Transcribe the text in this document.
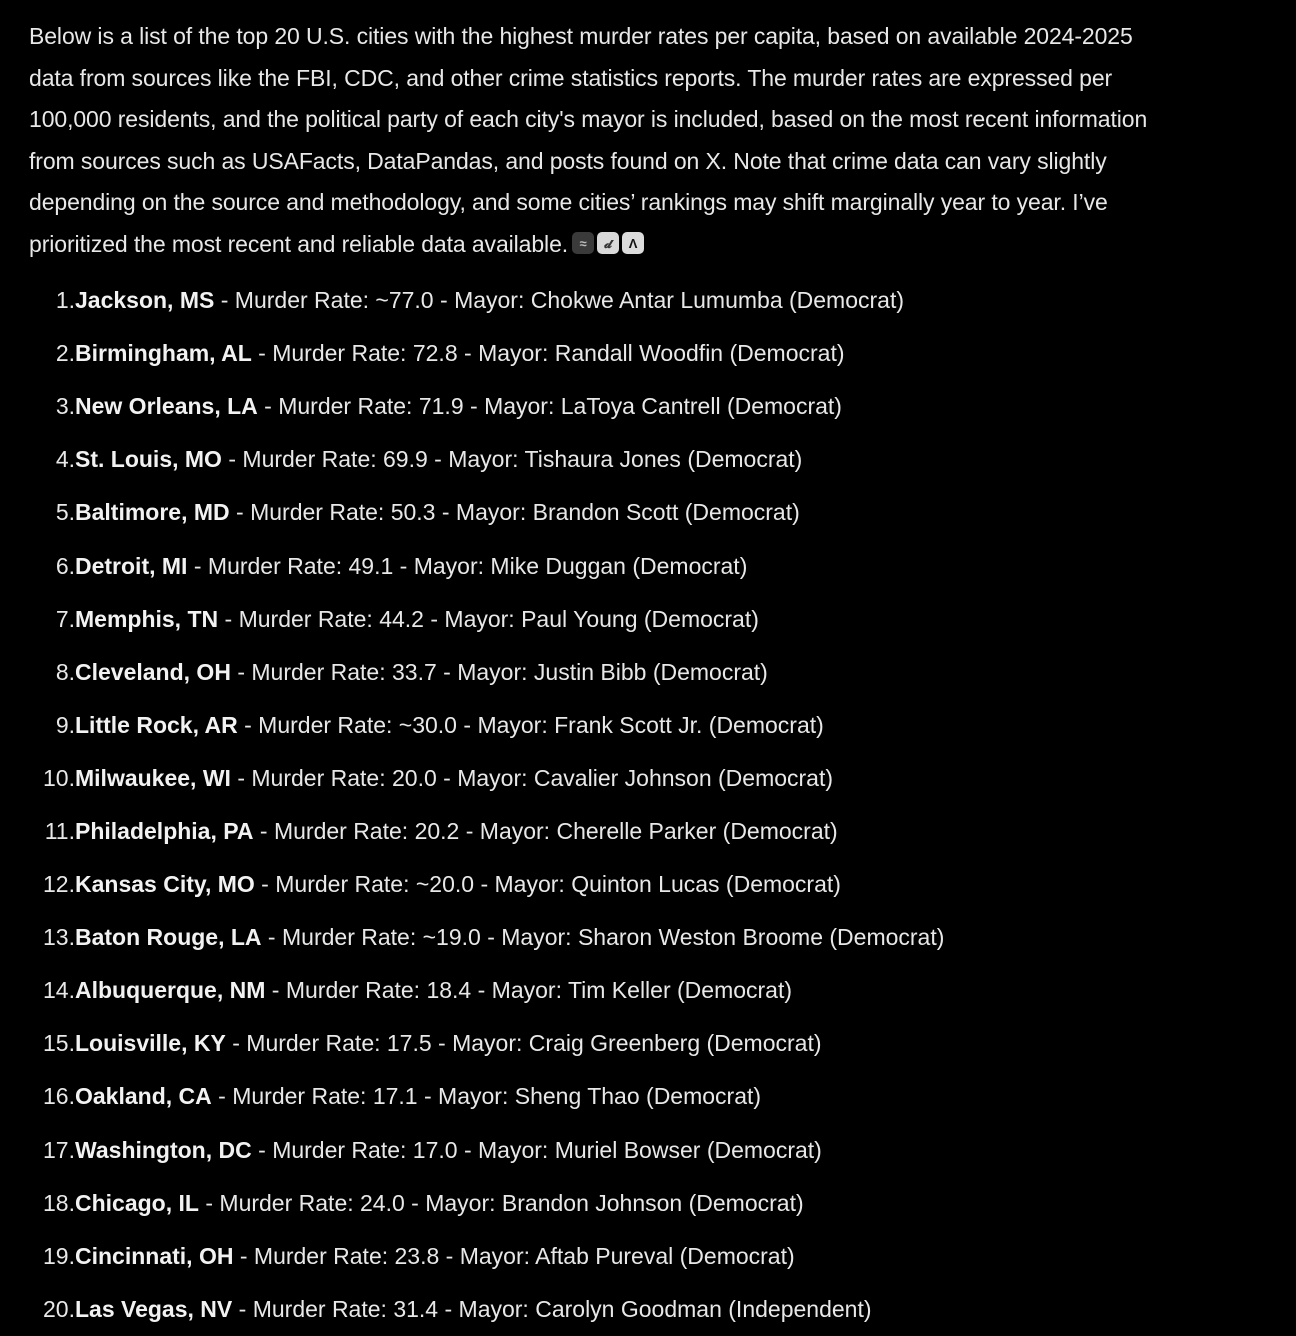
Below is a list of the top 20 U.S. cities with the highest murder rates per capita, based on available 2024-2025 data from sources like the FBI, CDC, and other crime statistics reports. The murder rates are expressed per 100,000 residents, and the political party of each city's mayor is included, based on the most recent information from sources such as USAFacts, DataPandas, and posts found on X. Note that crime data can vary slightly depending on the source and methodology, and some cities’ rankings may shift marginally year to year. I’ve prioritized the most recent and reliable data available. ≈	𝓭	Λ

1. Jackson, MS - Murder Rate: ~77.0 - Mayor: Chokwe Antar Lumumba (Democrat)
2. Birmingham, AL - Murder Rate: 72.8 - Mayor: Randall Woodfin (Democrat)
3. New Orleans, LA - Murder Rate: 71.9 - Mayor: LaToya Cantrell (Democrat)
4. St. Louis, MO - Murder Rate: 69.9 - Mayor: Tishaura Jones (Democrat)
5. Baltimore, MD - Murder Rate: 50.3 - Mayor: Brandon Scott (Democrat)
6. Detroit, MI - Murder Rate: 49.1 - Mayor: Mike Duggan (Democrat)
7. Memphis, TN - Murder Rate: 44.2 - Mayor: Paul Young (Democrat)
8. Cleveland, OH - Murder Rate: 33.7 - Mayor: Justin Bibb (Democrat)
9. Little Rock, AR - Murder Rate: ~30.0 - Mayor: Frank Scott Jr. (Democrat)
10. Milwaukee, WI - Murder Rate: 20.0 - Mayor: Cavalier Johnson (Democrat)
11. Philadelphia, PA - Murder Rate: 20.2 - Mayor: Cherelle Parker (Democrat)
12. Kansas City, MO - Murder Rate: ~20.0 - Mayor: Quinton Lucas (Democrat)
13. Baton Rouge, LA - Murder Rate: ~19.0 - Mayor: Sharon Weston Broome (Democrat)
14. Albuquerque, NM - Murder Rate: 18.4 - Mayor: Tim Keller (Democrat)
15. Louisville, KY - Murder Rate: 17.5 - Mayor: Craig Greenberg (Democrat)
16. Oakland, CA - Murder Rate: 17.1 - Mayor: Sheng Thao (Democrat)
17. Washington, DC - Murder Rate: 17.0 - Mayor: Muriel Bowser (Democrat)
18. Chicago, IL - Murder Rate: 24.0 - Mayor: Brandon Johnson (Democrat)
19. Cincinnati, OH - Murder Rate: 23.8 - Mayor: Aftab Pureval (Democrat)
20. Las Vegas, NV - Murder Rate: 31.4 - Mayor: Carolyn Goodman (Independent)
